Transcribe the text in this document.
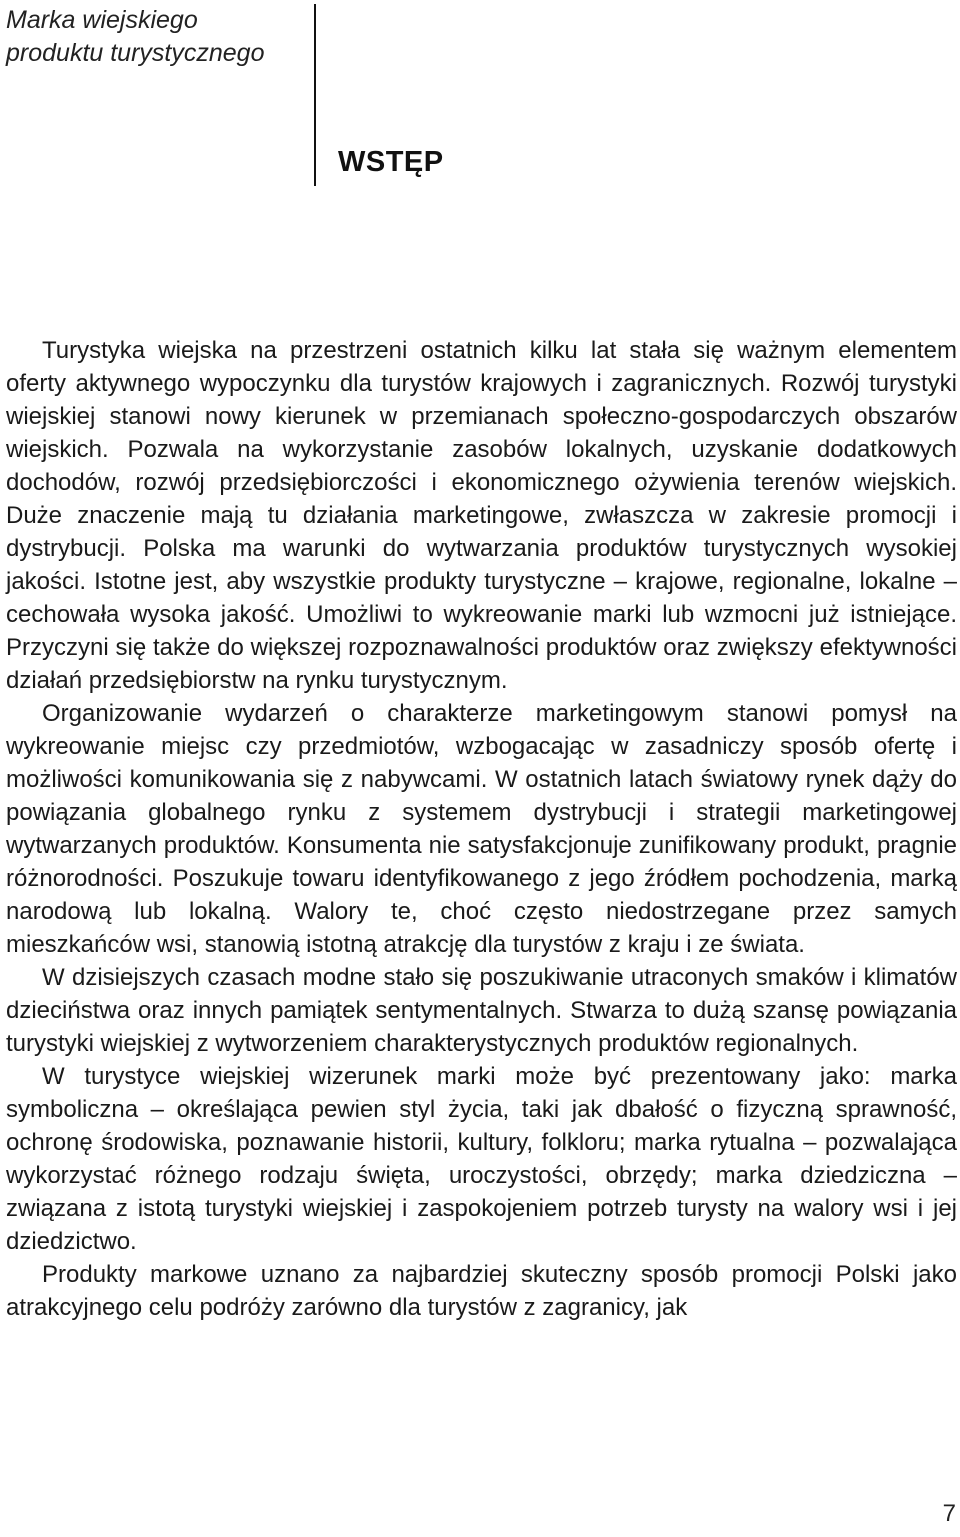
Marka wiejskiego
produktu turystycznego
WSTĘP

Turystyka wiejska na przestrzeni ostatnich kilku lat stała się ważnym elementem oferty aktywnego wypoczynku dla turystów krajowych i zagranicznych. Rozwój turystyki wiejskiej stanowi nowy kierunek w przemianach społeczno-gospodarczych obszarów wiejskich. Pozwala na wykorzystanie zasobów lokalnych, uzyskanie dodatkowych dochodów, rozwój przedsiębiorczości i ekonomicznego ożywienia terenów wiejskich. Duże znaczenie mają tu działania marketingowe, zwłaszcza w zakresie promocji i dystrybucji. Polska ma warunki do wytwarzania produktów turystycznych wysokiej jakości. Istotne jest, aby wszystkie produkty turystyczne – krajowe, regionalne, lokalne – cechowała wysoka jakość. Umożliwi to wykreowanie marki lub wzmocni już istniejące. Przyczyni się także do większej rozpoznawalności produktów oraz zwiększy efektywności działań przedsiębiorstw na rynku turystycznym.

Organizowanie wydarzeń o charakterze marketingowym stanowi pomysł na wykreowanie miejsc czy przedmiotów, wzbogacając w zasadniczy sposób ofertę i możliwości komunikowania się z nabywcami. W ostatnich latach światowy rynek dąży do powiązania globalnego rynku z systemem dystrybucji i strategii marketingowej wytwarzanych produktów. Konsumenta nie satysfakcjonuje zunifikowany produkt, pragnie różnorodności. Poszukuje towaru identyfikowanego z jego źródłem pochodzenia, marką narodową lub lokalną. Walory te, choć często niedostrzegane przez samych mieszkańców wsi, stanowią istotną atrakcję dla turystów z kraju i ze świata.

W dzisiejszych czasach modne stało się poszukiwanie utraconych smaków i klimatów dzieciństwa oraz innych pamiątek sentymentalnych. Stwarza to dużą szansę powiązania turystyki wiejskiej z wytworzeniem charakterystycznych produktów regionalnych.

W turystyce wiejskiej wizerunek marki może być prezentowany jako: marka symboliczna – określająca pewien styl życia, taki jak dbałość o fizyczną sprawność, ochronę środowiska, poznawanie historii, kultury, folkloru; marka rytualna – pozwalająca wykorzystać różnego rodzaju święta, uroczystości, obrzędy; marka dziedziczna – związana z istotą turystyki wiejskiej i zaspokojeniem potrzeb turysty na walory wsi i jej dziedzictwo.

Produkty markowe uznano za najbardziej skuteczny sposób promocji Polski jako atrakcyjnego celu podróży zarówno dla turystów z zagranicy, jak

7
